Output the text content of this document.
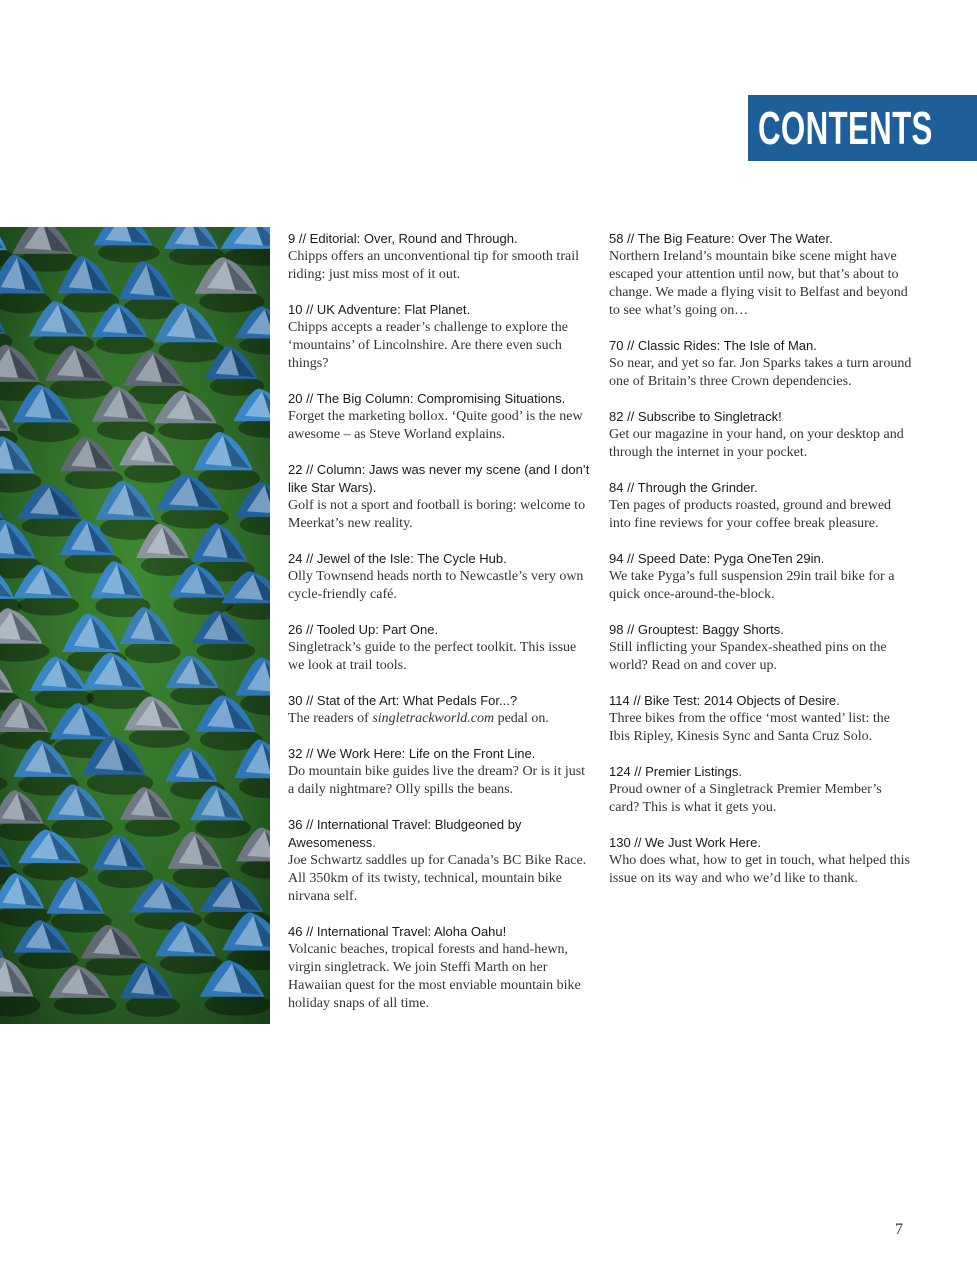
CONTENTS
9 // Editorial: Over, Round and Through.
Chipps offers an unconventional tip for smooth trail riding: just miss most of it out.
10 // UK Adventure: Flat Planet.
Chipps accepts a reader’s challenge to explore the ‘mountains’ of Lincolnshire. Are there even such things?
20 // The Big Column: Compromising Situations.
Forget the marketing bollox. ‘Quite good’ is the new awesome – as Steve Worland explains.
22 // Column: Jaws was never my scene (and I don’t like Star Wars).
Golf is not a sport and football is boring: welcome to Meerkat’s new reality.
24 // Jewel of the Isle: The Cycle Hub.
Olly Townsend heads north to Newcastle’s very own cycle-friendly café.
26 // Tooled Up: Part One.
Singletrack’s guide to the perfect toolkit. This issue we look at trail tools.
30 // Stat of the Art: What Pedals For...?
The readers of singletrackworld.com pedal on.
32 // We Work Here: Life on the Front Line.
Do mountain bike guides live the dream? Or is it just a daily nightmare? Olly spills the beans.
36 // International Travel: Bludgeoned by Awesomeness.
Joe Schwartz saddles up for Canada’s BC Bike Race. All 350km of its twisty, technical, mountain bike nirvana self.
46 // International Travel: Aloha Oahu!
Volcanic beaches, tropical forests and hand-hewn, virgin singletrack. We join Steffi Marth on her Hawaiian quest for the most enviable mountain bike holiday snaps of all time.
58 // The Big Feature: Over The Water.
Northern Ireland’s mountain bike scene might have escaped your attention until now, but that’s about to change. We made a flying visit to Belfast and beyond to see what’s going on…
70 // Classic Rides: The Isle of Man.
So near, and yet so far. Jon Sparks takes a turn around one of Britain’s three Crown dependencies.
82 // Subscribe to Singletrack!
Get our magazine in your hand, on your desktop and through the internet in your pocket.
84 // Through the Grinder.
Ten pages of products roasted, ground and brewed into fine reviews for your coffee break pleasure.
94 // Speed Date: Pyga OneTen 29in.
We take Pyga’s full suspension 29in trail bike for a quick once-around-the-block.
98 // Grouptest: Baggy Shorts.
Still inflicting your Spandex-sheathed pins on the world? Read on and cover up.
114 // Bike Test: 2014 Objects of Desire.
Three bikes from the office ‘most wanted’ list: the Ibis Ripley, Kinesis Sync and Santa Cruz Solo.
124 // Premier Listings.
Proud owner of a Singletrack Premier Member’s card? This is what it gets you.
130 // We Just Work Here.
Who does what, how to get in touch, what helped this issue on its way and who we’d like to thank.
7
